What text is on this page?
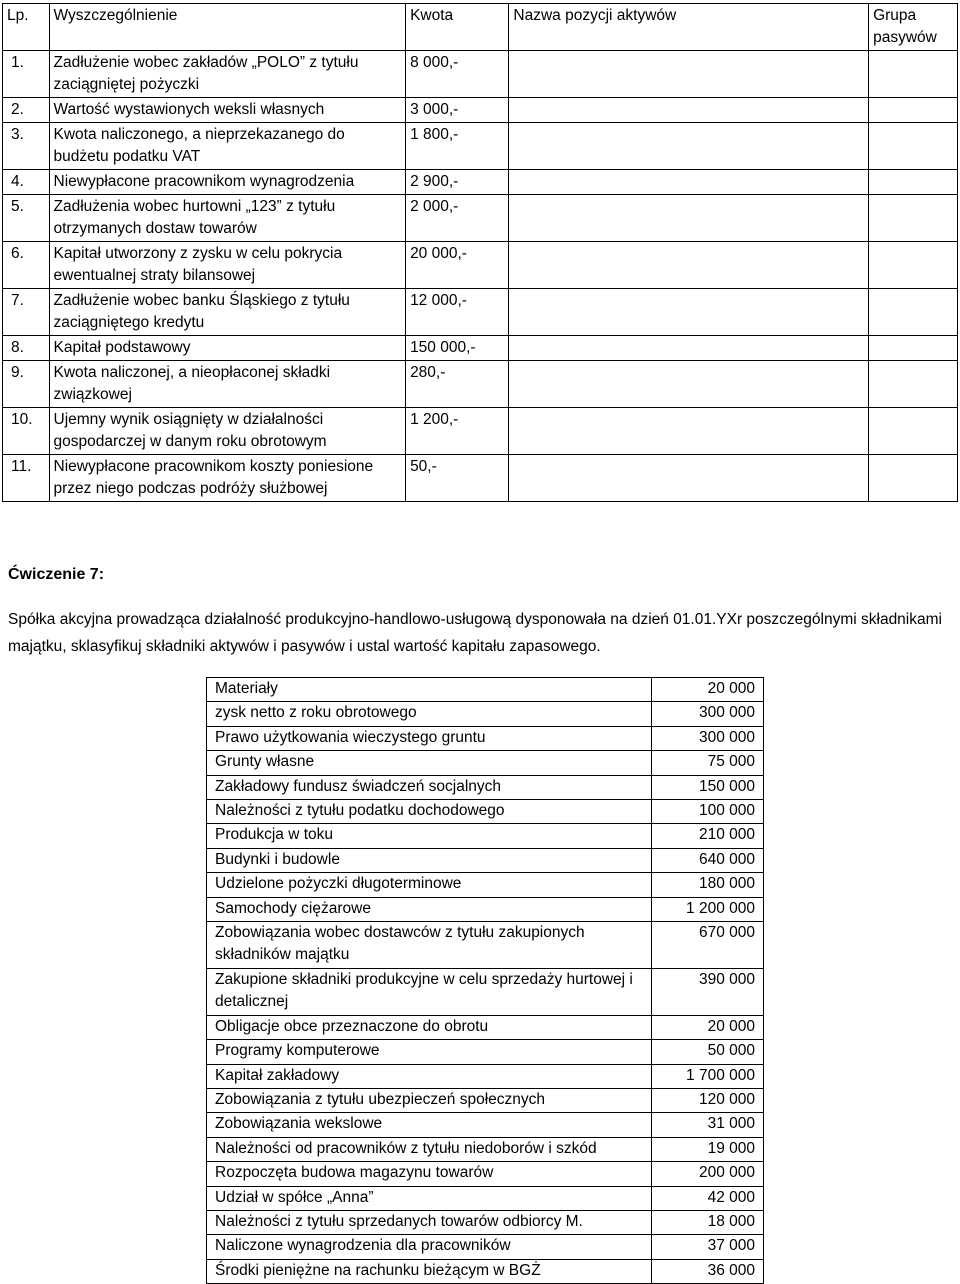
Lp.	Wyszczególnienie	Kwota	Nazwa pozycji aktywów	Grupa pasywów
1.	Zadłużenie wobec zakładów „POLO” z tytułu zaciągniętej pożyczki	8 000,-		
2.	Wartość wystawionych weksli własnych	3 000,-		
3.	Kwota naliczonego, a nieprzekazanego do budżetu podatku VAT	1 800,-		
4.	Niewypłacone pracownikom wynagrodzenia	2 900,-		
5.	Zadłużenia wobec hurtowni „123” z tytułu otrzymanych dostaw towarów	2 000,-		
6.	Kapitał utworzony z zysku w celu pokrycia ewentualnej straty bilansowej	20 000,-		
7.	Zadłużenie wobec banku Śląskiego z tytułu zaciągniętego kredytu	12 000,-		
8.	Kapitał podstawowy	150 000,-		
9.	Kwota naliczonej, a nieopłaconej składki związkowej	280,-		
10.	Ujemny wynik osiągnięty w działalności gospodarczej w danym roku obrotowym	1 200,-		
11.	Niewypłacone pracownikom koszty poniesione przez niego podczas podróży służbowej	50,-		
Ćwiczenie 7:
Spółka akcyjna prowadząca działalność produkcyjno-handlowo-usługową dysponowała na dzień 01.01.YXr poszczególnymi składnikami majątku, sklasyfikuj składniki aktywów i pasywów i ustal wartość kapitału zapasowego.
Materiały	20 000
zysk netto z roku obrotowego	300 000
Prawo użytkowania wieczystego gruntu	300 000
Grunty własne	75 000
Zakładowy fundusz świadczeń socjalnych	150 000
Należności z tytułu podatku dochodowego	100 000
Produkcja w toku	210 000
Budynki i budowle	640 000
Udzielone pożyczki długoterminowe	180 000
Samochody ciężarowe	1 200 000
Zobowiązania wobec dostawców z tytułu zakupionych składników majątku	670 000
Zakupione składniki produkcyjne w celu sprzedaży hurtowej i detalicznej	390 000
Obligacje obce przeznaczone do obrotu	20 000
Programy komputerowe	50 000
Kapitał zakładowy	1 700 000
Zobowiązania z tytułu ubezpieczeń społecznych	120 000
Zobowiązania wekslowe	31 000
Należności od pracowników z tytułu niedoborów i szkód	19 000
Rozpoczęta budowa magazynu towarów	200 000
Udział w spółce „Anna”	42 000
Należności z tytułu sprzedanych towarów odbiorcy M.	18 000
Naliczone wynagrodzenia dla pracowników	37 000
Środki pieniężne na rachunku bieżącym w BGŻ	36 000
